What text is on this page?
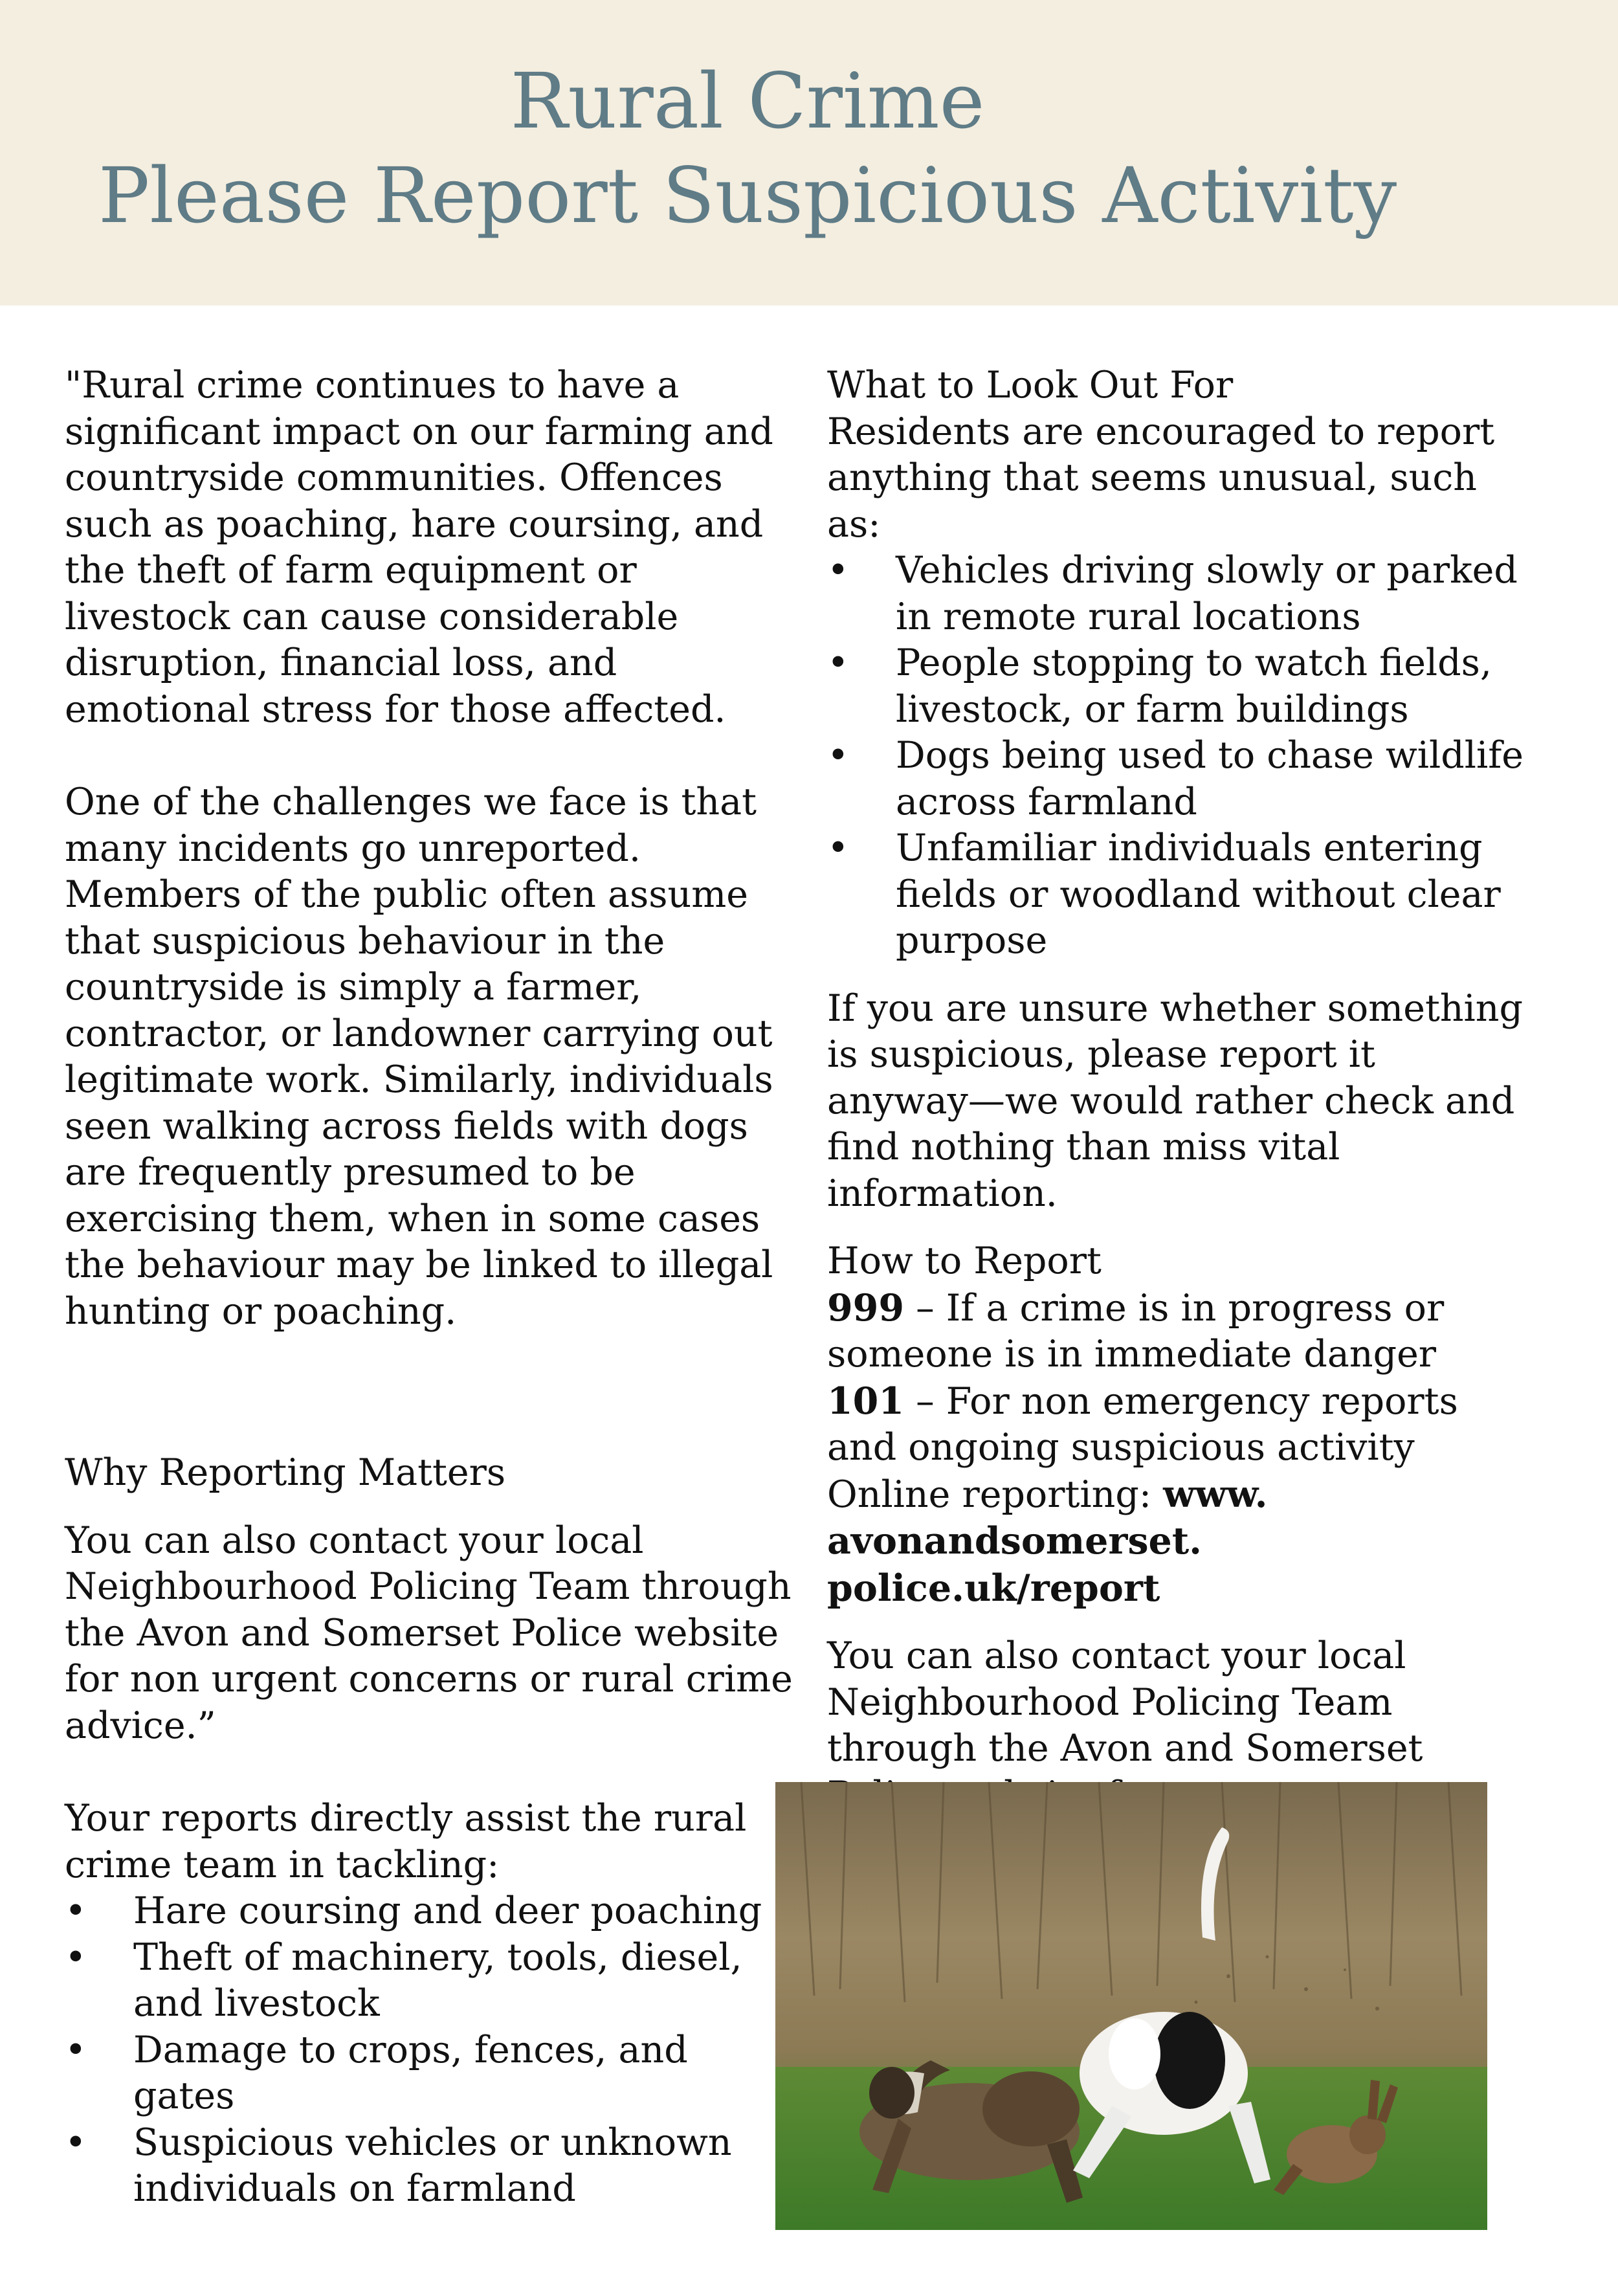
Rural Crime
Please Report Suspicious Activity

"Rural crime continues to have a significant impact on our farming and countryside communities. Offences such as poaching, hare coursing, and the theft of farm equipment or livestock can cause considerable disruption, financial loss, and emotional stress for those affected.

One of the challenges we face is that many incidents go unreported. Members of the public often assume that suspicious behaviour in the countryside is simply a farmer, contractor, or landowner carrying out legitimate work. Similarly, individuals seen walking across fields with dogs are frequently presumed to be exercising them, when in some cases the behaviour may be linked to illegal hunting or poaching.

Why Reporting Matters

You can also contact your local Neighbourhood Policing Team through the Avon and Somerset Police website for non urgent concerns or rural crime advice.”

Your reports directly assist the rural crime team in tackling:

• Hare coursing and deer poaching
• Theft of machinery, tools, diesel, and livestock
• Damage to crops, fences, and gates
• Suspicious vehicles or unknown individuals on farmland

What to Look Out For

Residents are encouraged to report anything that seems unusual, such as:

• Vehicles driving slowly or parked in remote rural locations
• People stopping to watch fields, livestock, or farm buildings
• Dogs being used to chase wildlife across farmland
• Unfamiliar individuals entering fields or woodland without clear purpose

If you are unsure whether something is suspicious, please report it anyway—we would rather check and find nothing than miss vital information.

How to Report

999 – If a crime is in progress or someone is in immediate danger

101 – For non emergency reports and ongoing suspicious activity Online reporting: www. avonandsomerset. police.uk/report

You can also contact your local Neighbourhood Policing Team through the Avon and Somerset
